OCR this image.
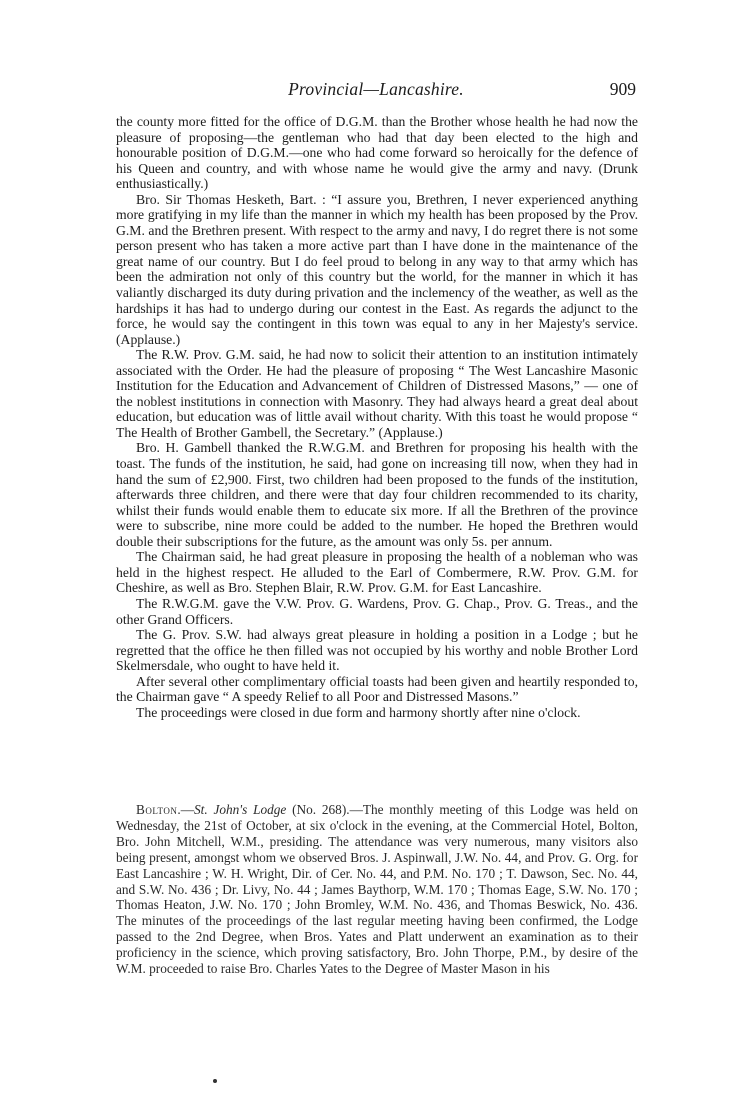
Provincial—Lancashire.	909

the county more fitted for the office of D.G.M. than the Brother whose health he had now the pleasure of proposing—the gentleman who had that day been elected to the high and honourable position of D.G.M.—one who had come forward so heroically for the defence of his Queen and country, and with whose name he would give the army and navy. (Drunk enthusiastically.)

Bro. Sir Thomas Hesketh, Bart. : “I assure you, Brethren, I never experienced anything more gratifying in my life than the manner in which my health has been proposed by the Prov. G.M. and the Brethren present. With respect to the army and navy, I do regret there is not some person present who has taken a more active part than I have done in the maintenance of the great name of our country. But I do feel proud to belong in any way to that army which has been the admiration not only of this country but the world, for the manner in which it has valiantly discharged its duty during privation and the inclemency of the weather, as well as the hardships it has had to undergo during our contest in the East. As regards the adjunct to the force, he would say the contingent in this town was equal to any in her Majesty's service. (Applause.)

The R.W. Prov. G.M. said, he had now to solicit their attention to an institution intimately associated with the Order. He had the pleasure of proposing “ The West Lancashire Masonic Institution for the Education and Advancement of Children of Distressed Masons,” — one of the noblest institutions in connection with Masonry. They had always heard a great deal about education, but education was of little avail without charity. With this toast he would propose “ The Health of Brother Gambell, the Secretary.” (Applause.)

Bro. H. Gambell thanked the R.W.G.M. and Brethren for proposing his health with the toast. The funds of the institution, he said, had gone on increasing till now, when they had in hand the sum of £2,900. First, two children had been proposed to the funds of the institution, afterwards three children, and there were that day four children recommended to its charity, whilst their funds would enable them to educate six more. If all the Brethren of the province were to subscribe, nine more could be added to the number. He hoped the Brethren would double their subscriptions for the future, as the amount was only 5s. per annum.

The Chairman said, he had great pleasure in proposing the health of a nobleman who was held in the highest respect. He alluded to the Earl of Combermere, R.W. Prov. G.M. for Cheshire, as well as Bro. Stephen Blair, R.W. Prov. G.M. for East Lancashire.

The R.W.G.M. gave the V.W. Prov. G. Wardens, Prov. G. Chap., Prov. G. Treas., and the other Grand Officers.

The G. Prov. S.W. had always great pleasure in holding a position in a Lodge ; but he regretted that the office he then filled was not occupied by his worthy and noble Brother Lord Skelmersdale, who ought to have held it.

After several other complimentary official toasts had been given and heartily responded to, the Chairman gave “ A speedy Relief to all Poor and Distressed Masons.”

The proceedings were closed in due form and harmony shortly after nine o'clock.

Bolton.—St. John's Lodge (No. 268).—The monthly meeting of this Lodge was held on Wednesday, the 21st of October, at six o'clock in the evening, at the Commercial Hotel, Bolton, Bro. John Mitchell, W.M., presiding. The attendance was very numerous, many visitors also being present, amongst whom we observed Bros. J. Aspinwall, J.W. No. 44, and Prov. G. Org. for East Lancashire ; W. H. Wright, Dir. of Cer. No. 44, and P.M. No. 170 ; T. Dawson, Sec. No. 44, and S.W. No. 436 ; Dr. Livy, No. 44 ; James Baythorp, W.M. 170 ; Thomas Eage, S.W. No. 170 ; Thomas Heaton, J.W. No. 170 ; John Bromley, W.M. No. 436, and Thomas Beswick, No. 436. The minutes of the proceedings of the last regular meeting having been confirmed, the Lodge passed to the 2nd Degree, when Bros. Yates and Platt underwent an examination as to their proficiency in the science, which proving satisfactory, Bro. John Thorpe, P.M., by desire of the W.M. proceeded to raise Bro. Charles Yates to the Degree of Master Mason in his
